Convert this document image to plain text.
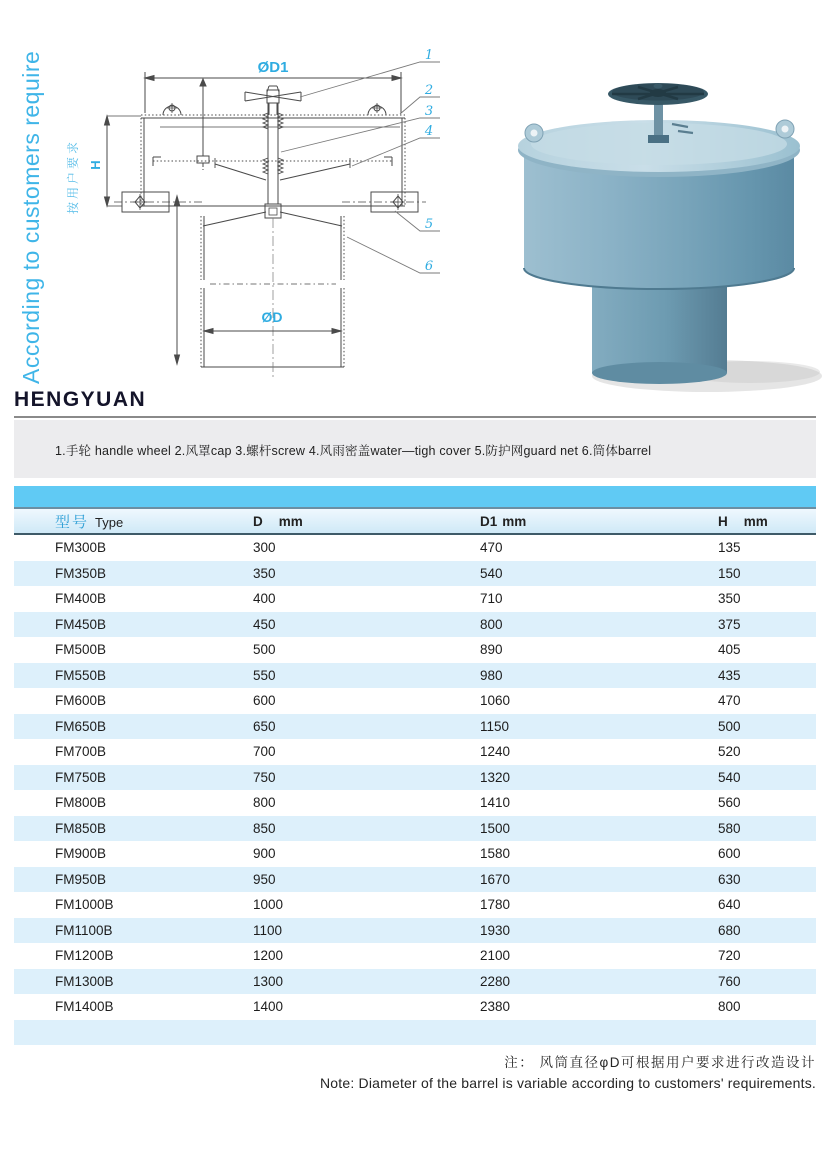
According to customers require 按用户要求
ØD1
ØD
H
1
2
3
4
5
6
HENGYUAN
1.手轮 handle wheel 2.风罩cap 3.螺杆screw 4.风雨密盖water—tigh cover 5.防护网guard net 6.筒体barrel
型号 Type	D mm	D1 mm	H mm
FM300B	300	470	135
FM350B	350	540	150
FM400B	400	710	350
FM450B	450	800	375
FM500B	500	890	405
FM550B	550	980	435
FM600B	600	1060	470
FM650B	650	1150	500
FM700B	700	1240	520
FM750B	750	1320	540
FM800B	800	1410	560
FM850B	850	1500	580
FM900B	900	1580	600
FM950B	950	1670	630
FM1000B	1000	1780	640
FM1100B	1100	1930	680
FM1200B	1200	2100	720
FM1300B	1300	2280	760
FM1400B	1400	2380	800
注： 风筒直径φD可根据用户要求进行改造设计
Note: Diameter of the barrel is variable according to customers' requirements.
